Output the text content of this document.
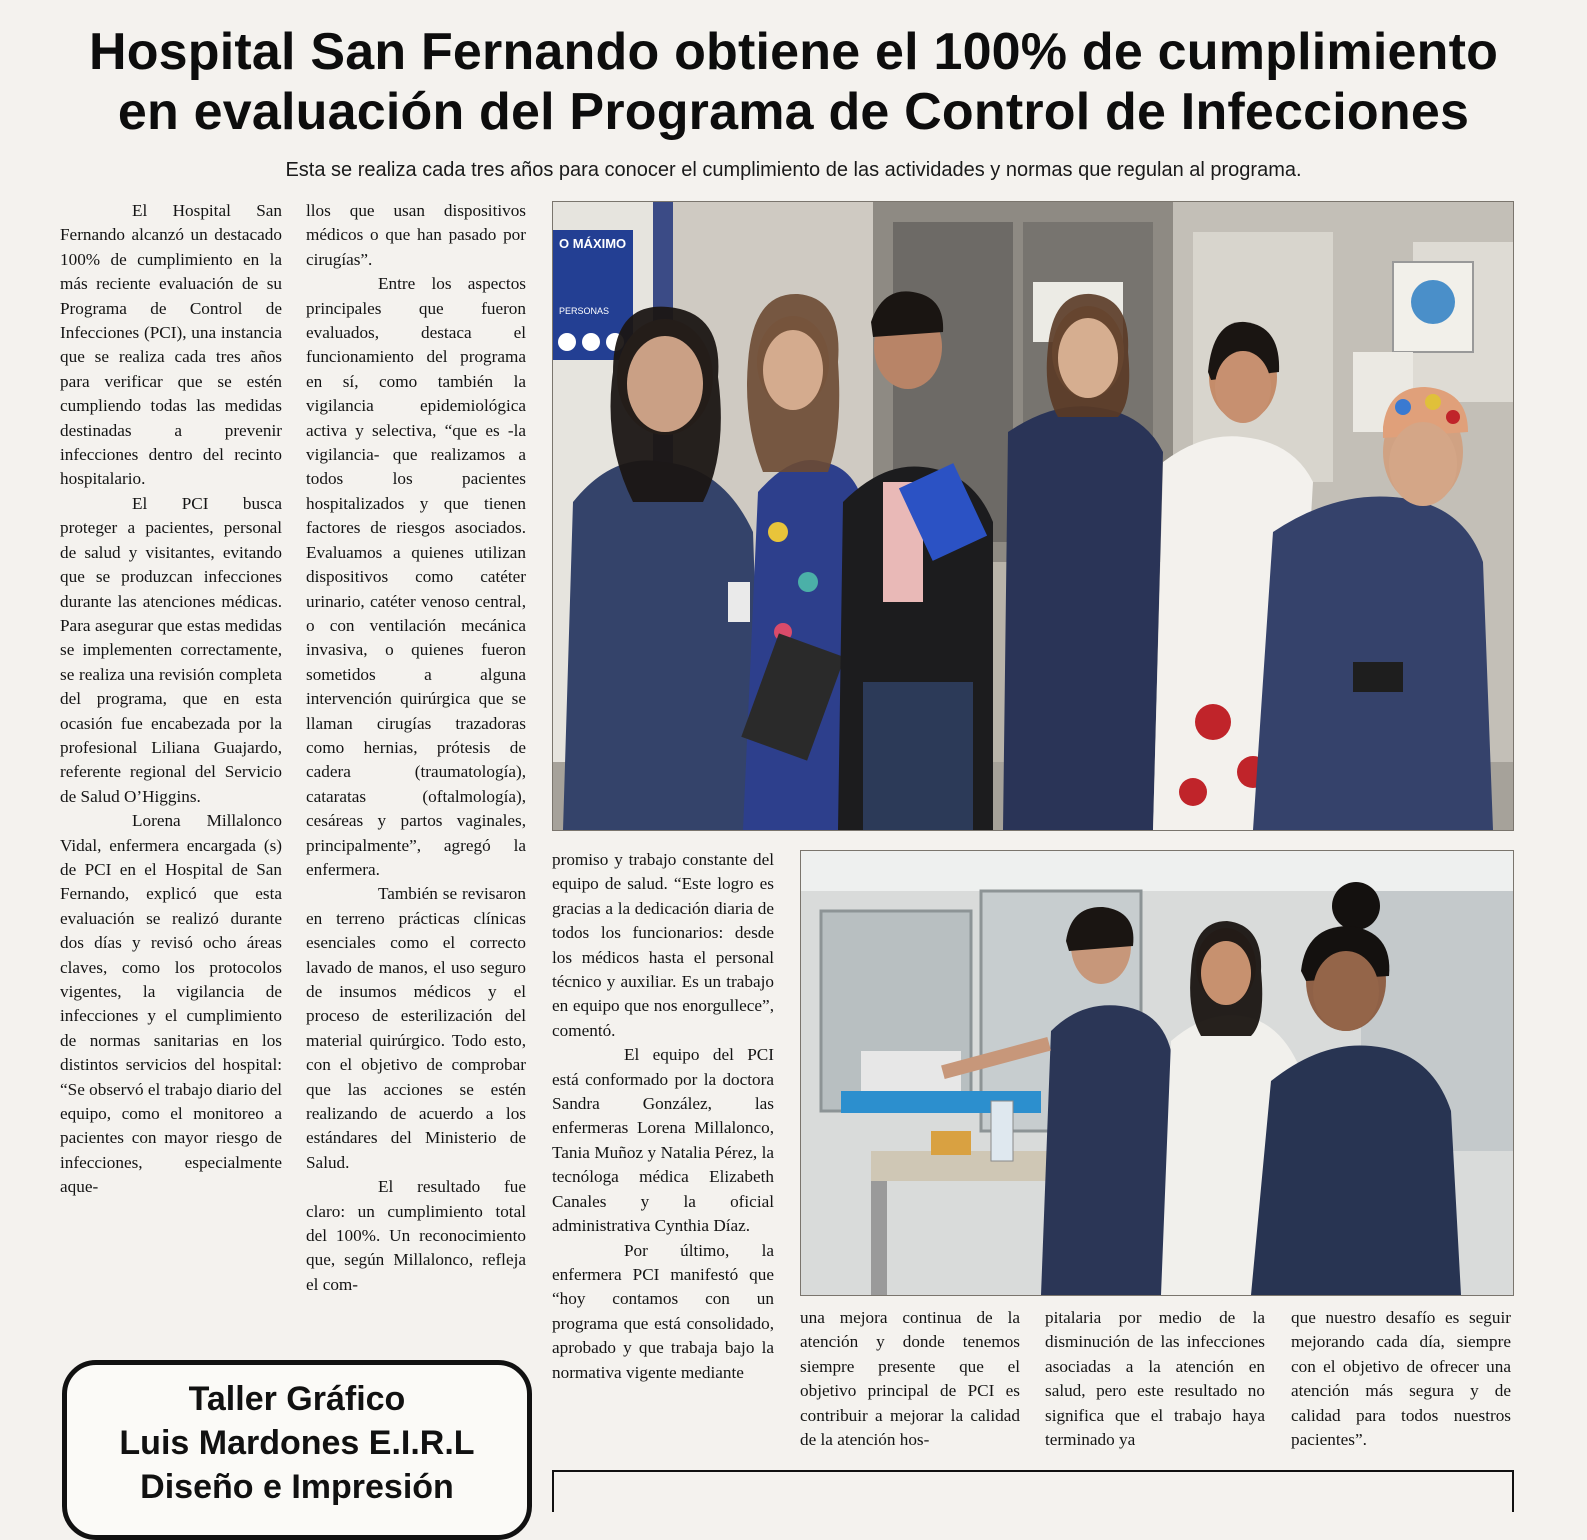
Hospital San Fernando obtiene el 100% de cumplimiento
en evaluación del Programa de Control de Infecciones

Esta se realiza cada tres años para conocer el cumplimiento de las actividades y normas que regulan al programa.

El Hospital San Fernando alcanzó un destacado 100% de cumplimiento en la más reciente evaluación de su Programa de Control de Infecciones (PCI), una instancia que se realiza cada tres años para verificar que se estén cumpliendo todas las medidas destinadas a prevenir infecciones dentro del recinto hospitalario.

El PCI busca proteger a pacientes, personal de salud y visitantes, evitando que se produzcan infecciones durante las atenciones médicas. Para asegurar que estas medidas se implementen correctamente, se realiza una revisión completa del programa, que en esta ocasión fue encabezada por la profesional Liliana Guajardo, referente regional del Servicio de Salud O’Higgins.

Lorena Millalonco Vidal, enfermera encargada (s) de PCI en el Hospital de San Fernando, explicó que esta evaluación se realizó durante dos días y revisó ocho áreas claves, como los protocolos vigentes, la vigilancia de infecciones y el cumplimiento de normas sanitarias en los distintos servicios del hospital: “Se observó el trabajo diario del equipo, como el monitoreo a pacientes con mayor riesgo de infecciones, especialmente aque-

llos que usan dispositivos médicos o que han pasado por cirugías”.

Entre los aspectos principales que fueron evaluados, destaca el funcionamiento del programa en sí, como también la vigilancia epidemiológica activa y selectiva, “que es -la vigilancia- que realizamos a todos los pacientes hospitalizados y que tienen factores de riesgos asociados. Evaluamos a quienes utilizan dispositivos como catéter urinario, catéter venoso central, o con ventilación mecánica invasiva, o quienes fueron sometidos a alguna intervención quirúrgica que se llaman cirugías trazadoras como hernias, prótesis de cadera (traumatología), cataratas (oftalmología), cesáreas y partos vaginales, principalmente”, agregó la enfermera.

También se revisaron en terreno prácticas clínicas esenciales como el correcto lavado de manos, el uso seguro de insumos médicos y el proceso de esterilización del material quirúrgico. Todo esto, con el objetivo de comprobar que las acciones se estén realizando de acuerdo a los estándares del Ministerio de Salud.

El resultado fue claro: un cumplimiento total del 100%. Un reconocimiento que, según Millalonco, refleja el com-

O MÁXIMO
PERSONAS

promiso y trabajo constante del equipo de salud. “Este logro es gracias a la dedicación diaria de todos los funcionarios: desde los médicos hasta el personal técnico y auxiliar. Es un trabajo en equipo que nos enorgullece”, comentó.

El equipo del PCI está conformado por la doctora Sandra González, las enfermeras Lorena Millalonco, Tania Muñoz y Natalia Pérez, la tecnóloga médica Elizabeth Canales y la oficial administrativa Cynthia Díaz.

Por último, la enfermera PCI manifestó que “hoy contamos con un programa que está consolidado, aprobado y que trabaja bajo la normativa vigente mediante

una mejora continua de la atención y donde tenemos siempre presente que el objetivo principal de PCI es contribuir a mejorar la calidad de la atención hos-

pitalaria por medio de la disminución de las infecciones asociadas a la atención en salud, pero este resultado no significa que el trabajo haya terminado ya

que nuestro desafío es seguir mejorando cada día, siempre con el objetivo de ofrecer una atención más segura y de calidad para todos nuestros pacientes”.

Taller Gráfico
Luis Mardones E.I.R.L
Diseño e Impresión
